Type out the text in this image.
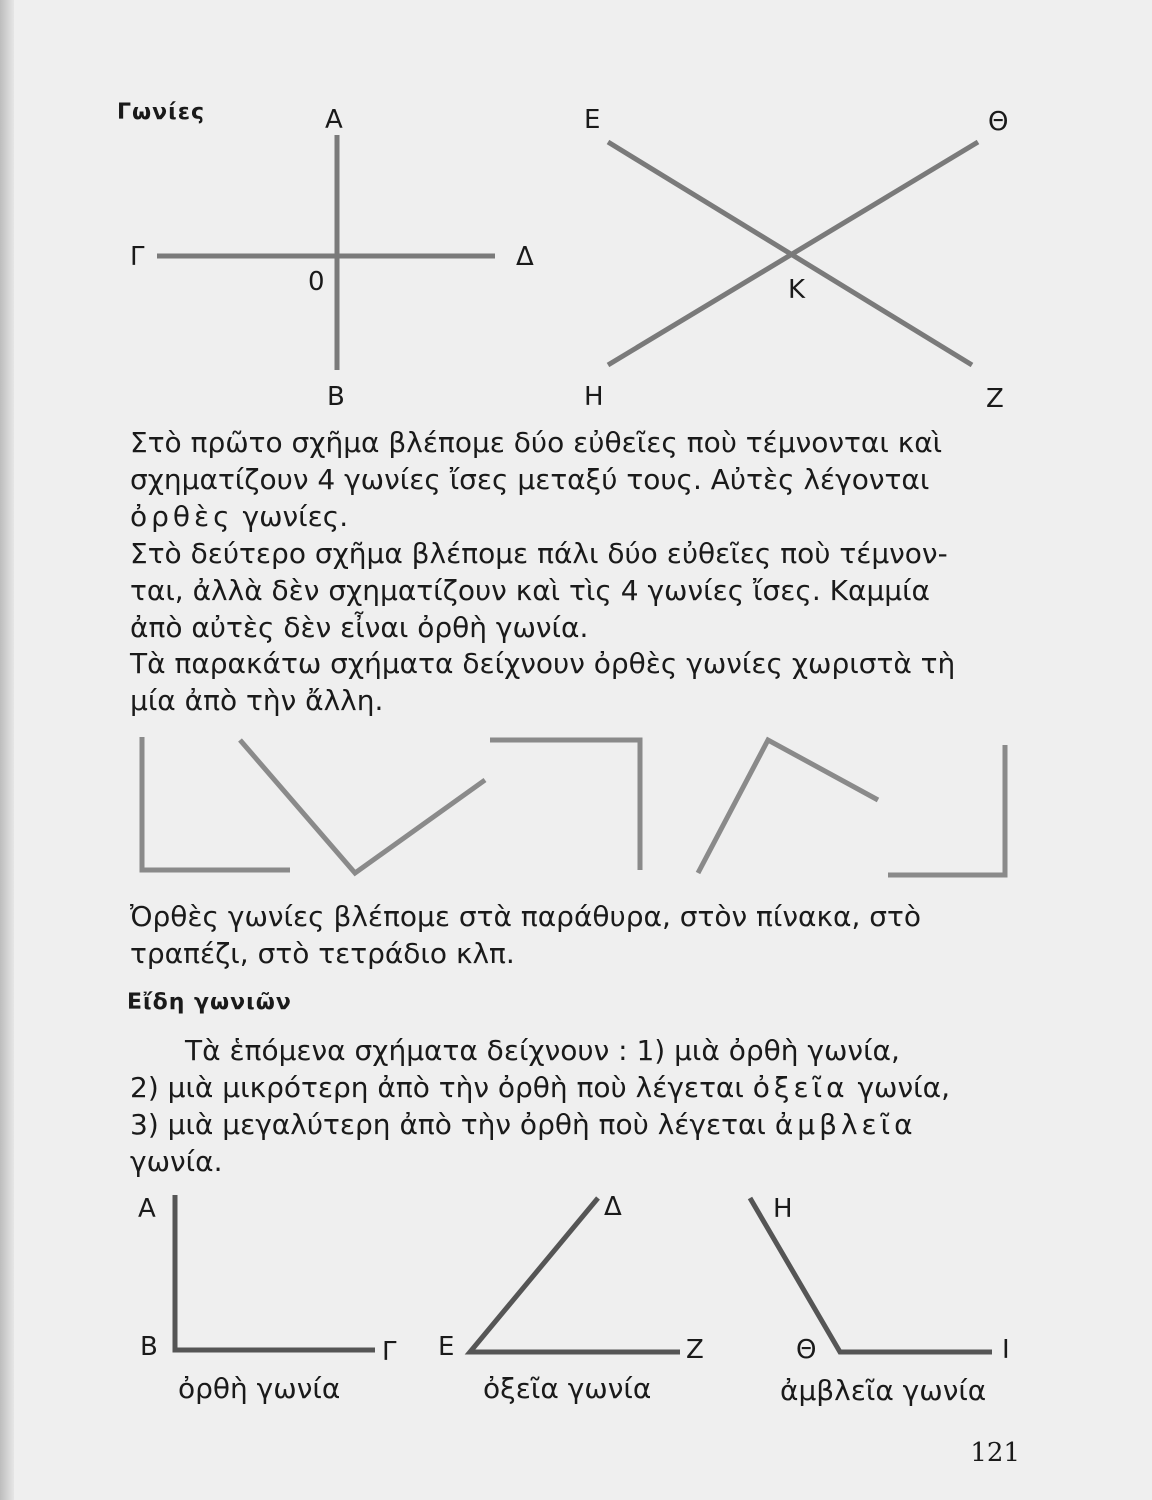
Γωνίες	Α
Γ	Δ
0
Β
Ε	Θ
Κ
Η	Ζ

Στὸ πρῶτο σχῆμα βλέπομε δύο εὐθεῖες ποὺ τέμνονται καὶ
σχηματίζουν 4 γωνίες ἴσες μεταξύ τους. Αὐτὲς λέγονται
ὀρθὲς γωνίες.

Στὸ δεύτερο σχῆμα βλέπομε πάλι δύο εὐθεῖες ποὺ τέμνον-
ται, ἀλλὰ δὲν σχηματίζουν καὶ τὶς 4 γωνίες ἴσες. Καμμία
ἀπὸ αὐτὲς δὲν εἶναι ὀρθὴ γωνία.

Τὰ παρακάτω σχήματα δείχνουν ὀρθὲς γωνίες χωριστὰ τὴ
μία ἀπὸ τὴν ἄλλη.

Ὀρθὲς γωνίες βλέπομε στὰ παράθυρα, στὸν πίνακα, στὸ
τραπέζι, στὸ τετράδιο κλπ.

Εἴδη γωνιῶν

Τὰ ἑπόμενα σχήματα δείχνουν : 1) μιὰ ὀρθὴ γωνία,
2) μιὰ μικρότερη ἀπὸ τὴν ὀρθὴ ποὺ λέγεται ὀξεῖα γωνία,
3) μιὰ μεγαλύτερη ἀπὸ τὴν ὀρθὴ ποὺ λέγεται ἀμβλεῖα
γωνία.

Α
Β	Γ
Δ
Ε	Ζ
Η
Θ	Ι
ὀρθὴ γωνία	ὀξεῖα γωνία	ἀμβλεῖα γωνία
121
